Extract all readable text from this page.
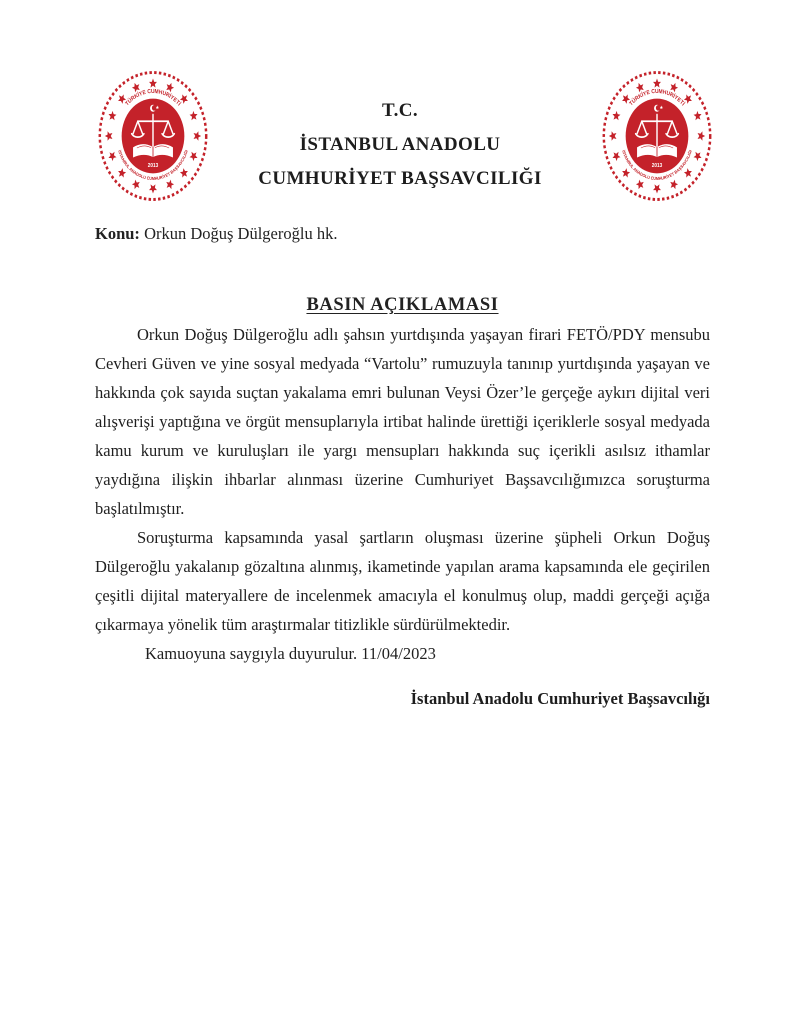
TÜRKİYE CUMHURİYETİ
İSTANBUL ANADOLU CUMHURİYET BAŞSAVCILIĞI
2013
TÜRKİYE CUMHURİYETİ
İSTANBUL ANADOLU CUMHURİYET BAŞSAVCILIĞI
2013
T.C.
İSTANBUL ANADOLU
CUMHURİYET BAŞSAVCILIĞI
Konu: Orkun Doğuş Dülgeroğlu hk.
BASIN AÇIKLAMASI

Orkun Doğuş Dülgeroğlu adlı şahsın yurtdışında yaşayan firari FETÖ/PDY mensubu Cevheri Güven ve yine sosyal medyada “Vartolu” rumuzuyla tanınıp yurtdışında yaşayan ve hakkında çok sayıda suçtan yakalama emri bulunan Veysi Özer’le gerçeğe aykırı dijital veri alışverişi yaptığına ve örgüt mensuplarıyla irtibat halinde ürettiği içeriklerle sosyal medyada kamu kurum ve kuruluşları ile yargı mensupları hakkında suç içerikli asılsız ithamlar yaydığına ilişkin ihbarlar alınması üzerine Cumhuriyet Başsavcılığımızca soruşturma başlatılmıştır.

Soruşturma kapsamında yasal şartların oluşması üzerine şüpheli Orkun Doğuş Dülgeroğlu yakalanıp gözaltına alınmış, ikametinde yapılan arama kapsamında ele geçirilen çeşitli dijital materyallere de incelenmek amacıyla el konulmuş olup, maddi gerçeği açığa çıkarmaya yönelik tüm araştırmalar titizlikle sürdürülmektedir.

Kamuoyuna saygıyla duyurulur. 11/04/2023
İstanbul Anadolu Cumhuriyet Başsavcılığı
